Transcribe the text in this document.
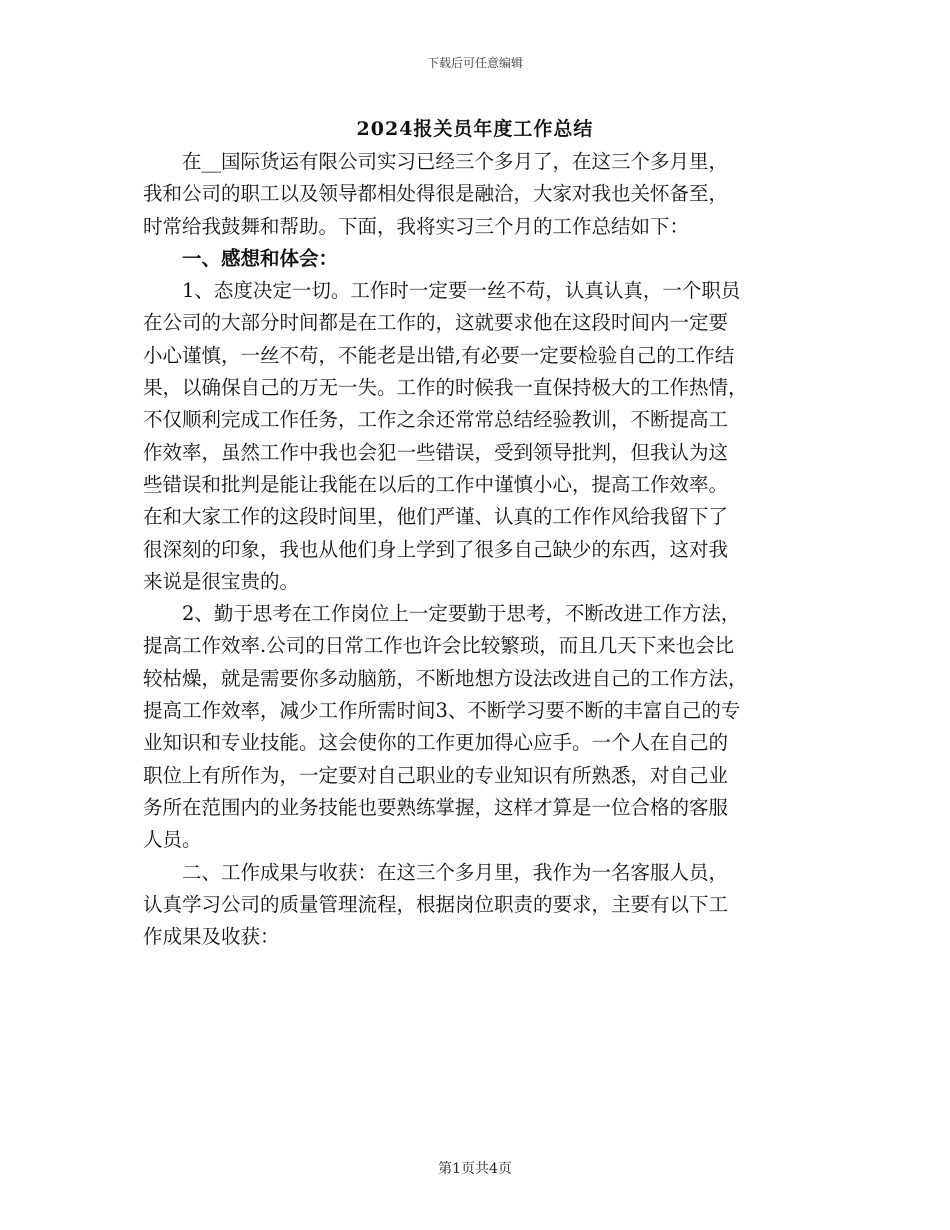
下载后可任意编辑
2024报关员年度工作总结
在__国际货运有限公司实习已经三个多月了，在这三个多月里，
我和公司的职工以及领导都相处得很是融洽，大家对我也关怀备至，
时常给我鼓舞和帮助。下面，我将实习三个月的工作总结如下：
一、感想和体会：
1、态度决定一切。工作时一定要一丝不苟，认真认真，一个职员
在公司的大部分时间都是在工作的，这就要求他在这段时间内一定要
小心谨慎，一丝不苟，不能老是出错,有必要一定要检验自己的工作结
果，以确保自己的万无一失。工作的时候我一直保持极大的工作热情，
不仅顺利完成工作任务，工作之余还常常总结经验教训，不断提高工
作效率，虽然工作中我也会犯一些错误，受到领导批判，但我认为这
些错误和批判是能让我能在以后的工作中谨慎小心，提高工作效率。
在和大家工作的这段时间里，他们严谨、认真的工作作风给我留下了
很深刻的印象，我也从他们身上学到了很多自己缺少的东西，这对我
来说是很宝贵的。
2、勤于思考在工作岗位上一定要勤于思考，不断改进工作方法，
提高工作效率.公司的日常工作也许会比较繁琐，而且几天下来也会比
较枯燥，就是需要你多动脑筋，不断地想方设法改进自己的工作方法，
提高工作效率，减少工作所需时间3、不断学习要不断的丰富自己的专
业知识和专业技能。这会使你的工作更加得心应手。一个人在自己的
职位上有所作为，一定要对自己职业的专业知识有所熟悉，对自己业
务所在范围内的业务技能也要熟练掌握，这样才算是一位合格的客服
人员。
二、工作成果与收获：在这三个多月里，我作为一名客服人员，
认真学习公司的质量管理流程，根据岗位职责的要求，主要有以下工
作成果及收获：
第1页共4页
